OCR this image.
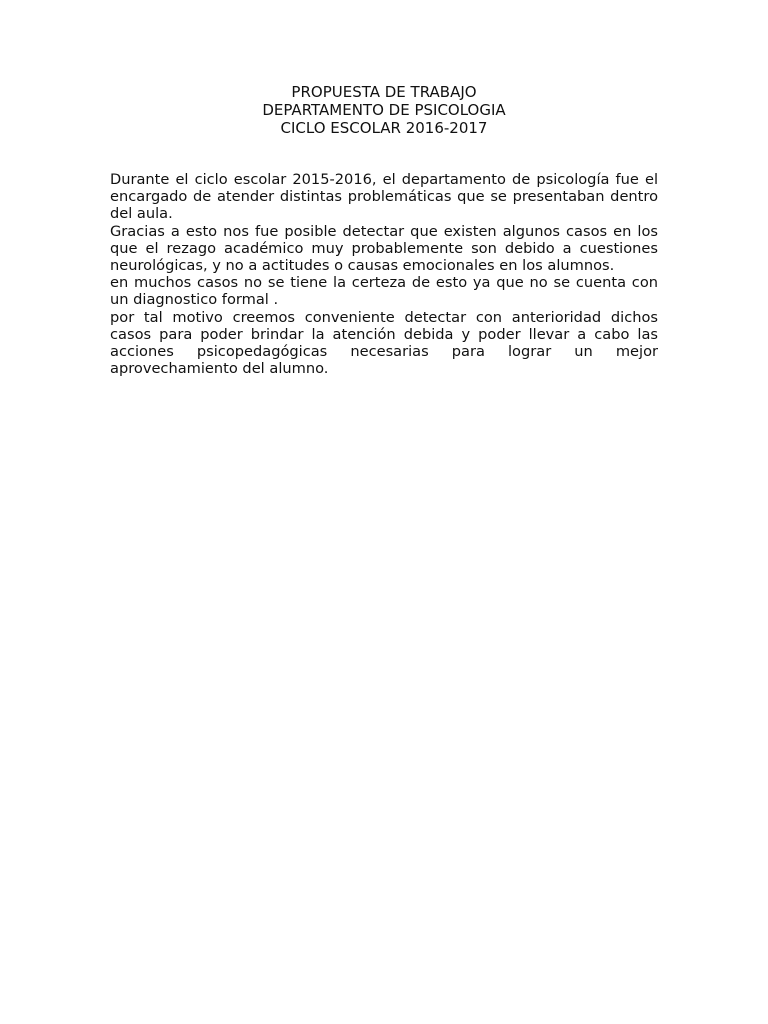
PROPUESTA DE TRABAJO
DEPARTAMENTO DE PSICOLOGIA
CICLO ESCOLAR 2016-2017

Durante el ciclo escolar 2015-2016, el departamento de psicología fue el encargado de atender distintas problemáticas que se presentaban dentro del aula.

Gracias a esto nos fue posible detectar que existen algunos casos en los que el rezago académico muy probablemente son debido a cuestiones neurológicas, y no a actitudes o causas emocionales en los alumnos.

en muchos casos no se tiene la certeza de esto ya que no se cuenta con un diagnostico formal .

por tal motivo creemos conveniente detectar con anterioridad dichos casos para poder brindar la atención debida y poder llevar a cabo las acciones psicopedagógicas necesarias para lograr un mejor aprovechamiento del alumno.
